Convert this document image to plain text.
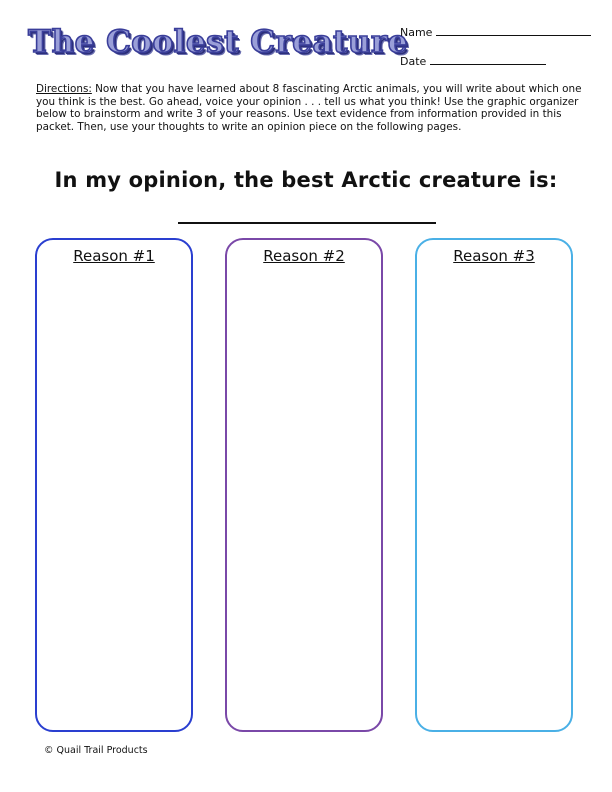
The Coolest Creature
Name
Date
Directions: Now that you have learned about 8 fascinating Arctic animals, you will write about which one you think is the best. Go ahead, voice your opinion . . . tell us what you think! Use the graphic organizer below to brainstorm and write 3 of your reasons. Use text evidence from information provided in this packet. Then, use your thoughts to write an opinion piece on the following pages.
In my opinion, the best Arctic creature is:
Reason #1	Reason #2	Reason #3
© Quail Trail Products
